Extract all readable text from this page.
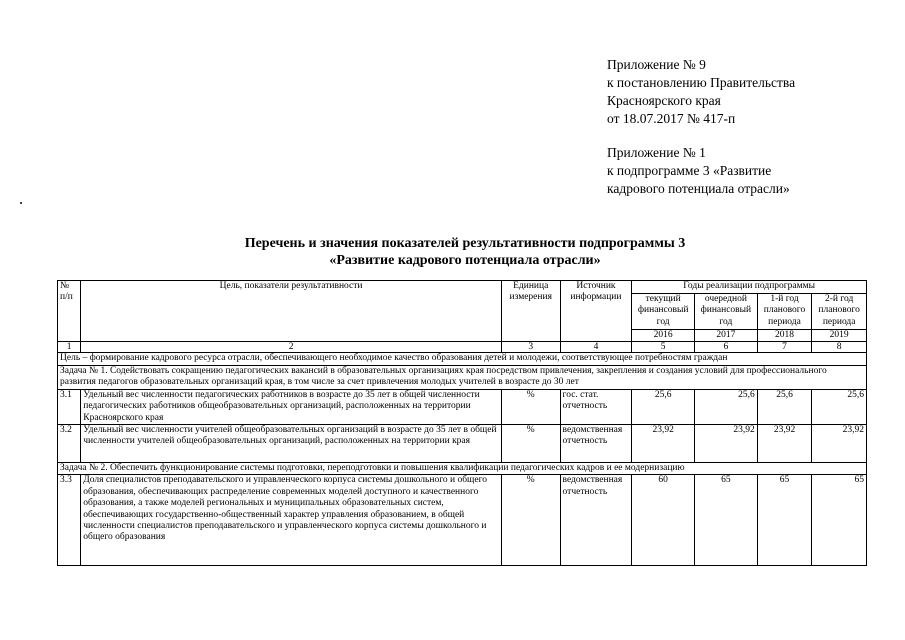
Приложение № 9
к постановлению Правительства
Красноярского края
от 18.07.2017 № 417-п
Приложение № 1
к подпрограмме 3 «Развитие
кадрового потенциала отрасли»
Перечень и значения показателей результативности подпрограммы 3
«Развитие кадрового потенциала отрасли»
№ п/п	Цель, показатели результативности	Единица измерения	Источник информации	Годы реализации подпрограммы			
				текущий финансовый год	очередной финансовый год	1-й год планового периода	2-й год планового периода
				2016	2017	2018	2019
1	2	3	4	5	6	7	8
Цель – формирование кадрового ресурса отрасли, обеспечивающего необходимое качество образования детей и молодежи, соответствующее потребностям граждан							
Задача № 1. Содействовать сокращению педагогических вакансий в образовательных организациях края посредством привлечения, закрепления и создания условий для профессионального развития педагогов образовательных организаций края, в том числе за счет привлечения молодых учителей в возрасте до 30 лет							
3.1	Удельный вес численности педагогических работников в возрасте до 35 лет в общей численности педагогических работников общеобразовательных организаций, расположенных на территории Красноярского края	%	гос. стат. отчетность	25,6	25,6	25,6	25,6
3.2	Удельный вес численности учителей общеобразовательных организаций в возрасте до 35 лет в общей численности учителей общеобразовательных организаций, расположенных на территории края	%	ведомственная отчетность	23,92	23,92	23,92	23,92
Задача № 2. Обеспечить функционирование системы подготовки, переподготовки и повышения квалификации педагогических кадров и ее модернизацию							
3.3	Доля специалистов преподавательского и управленческого корпуса системы дошкольного и общего образования, обеспечивающих распределение современных моделей доступного и качественного образования, а также моделей региональных и муниципальных образовательных систем, обеспечивающих государственно-общественный характер управления образованием, в общей численности специалистов преподавательского и управленческого корпуса системы дошкольного и общего образования	%	ведомственная отчетность	60	65	65	65
